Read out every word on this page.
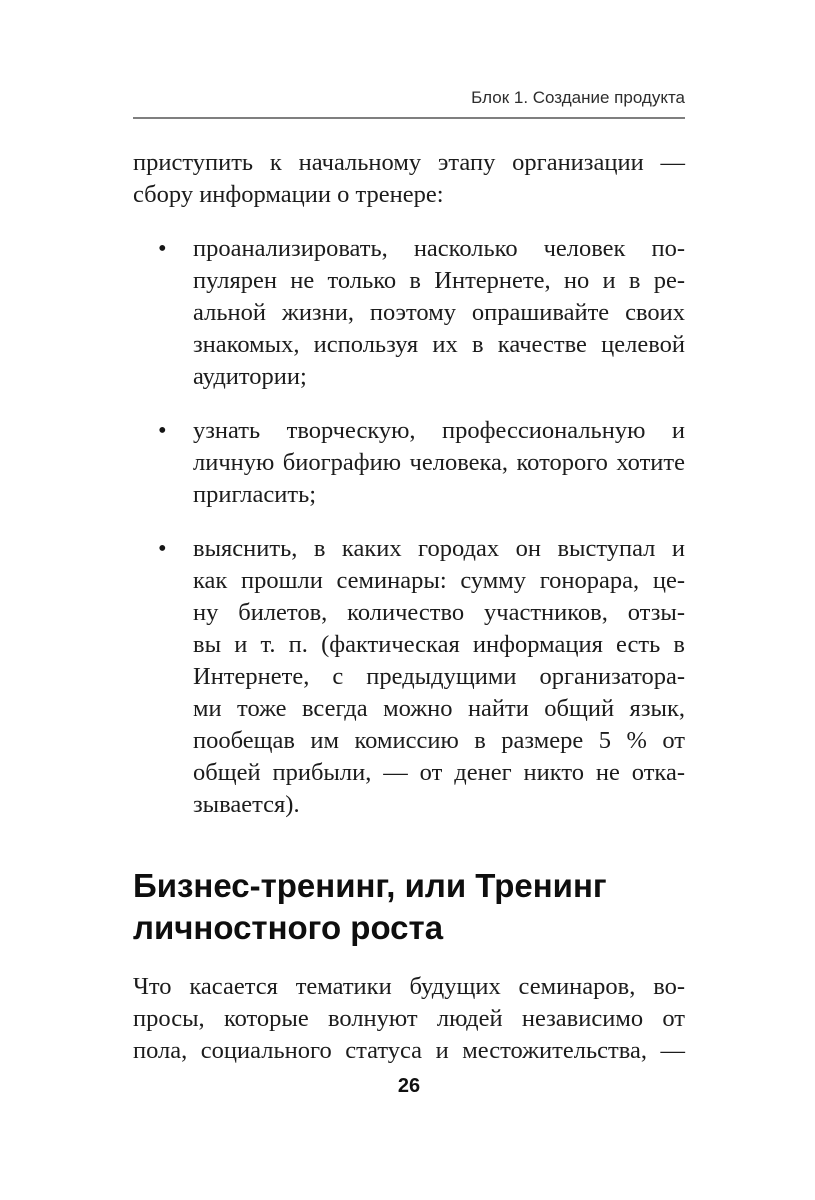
Блок 1. Создание продукта
приступить к начальному этапу организации —
сбору информации о тренере:
• проанализировать, насколько человек по-
пулярен не только в Интернете, но и в ре-
альной жизни, поэтому опрашивайте своих
знакомых, используя их в качестве целевой
аудитории;
• узнать творческую, профессиональную и
личную биографию человека, которого хотите
пригласить;
• выяснить, в каких городах он выступал и
как прошли семинары: сумму гонорара, це-
ну билетов, количество участников, отзы-
вы и т. п. (фактическая информация есть в
Интернете, с предыдущими организатора-
ми тоже всегда можно найти общий язык,
пообещав им комиссию в размере 5 % от
общей прибыли, — от денег никто не отка-
зывается).
Бизнес-тренинг, или Тренинг
личностного роста
Что касается тематики будущих семинаров, во-
просы, которые волнуют людей независимо от
пола, социального статуса и местожительства, —
26
